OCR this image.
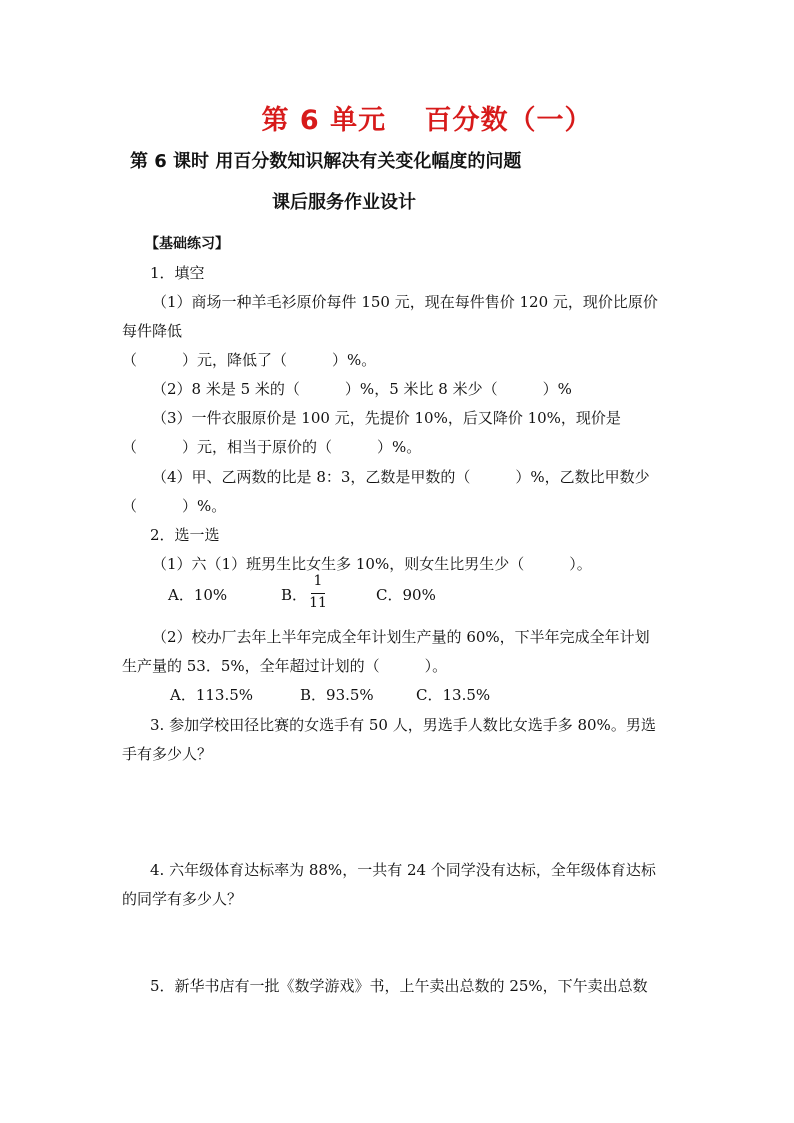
第 6 单元　 百分数（一）
第 6 课时 用百分数知识解决有关变化幅度的问题
课后服务作业设计
【基础练习】
1．填空
（1）商场一种羊毛衫原价每件 150 元，现在每件售价 120 元，现价比原价
每件降低
（　　　）元，降低了（　　　）%。
（2）8 米是 5 米的（　　　）%，5 米比 8 米少（　　　）%
（3）一件衣服原价是 100 元，先提价 10%，后又降价 10%，现价是
（　　　）元，相当于原价的（　　　）%。
（4）甲、乙两数的比是 8：3，乙数是甲数的（　　　）%，乙数比甲数少
（　　　）%。
2．选一选
（1）六（1）班男生比女生多 10%，则女生比男生少（　　　）。
A．10%	B．
1
11	C．90%
（2）校办厂去年上半年完成全年计划生产量的 60%，下半年完成全年计划
生产量的 53．5%，全年超过计划的（　　　）。
A．113.5%	B．93.5%	C．13.5%
3. 参加学校田径比赛的女选手有 50 人，男选手人数比女选手多 80%。男选
手有多少人？
4. 六年级体育达标率为 88%，一共有 24 个同学没有达标，全年级体育达标
的同学有多少人？
5．新华书店有一批《数学游戏》书，上午卖出总数的 25%，下午卖出总数
